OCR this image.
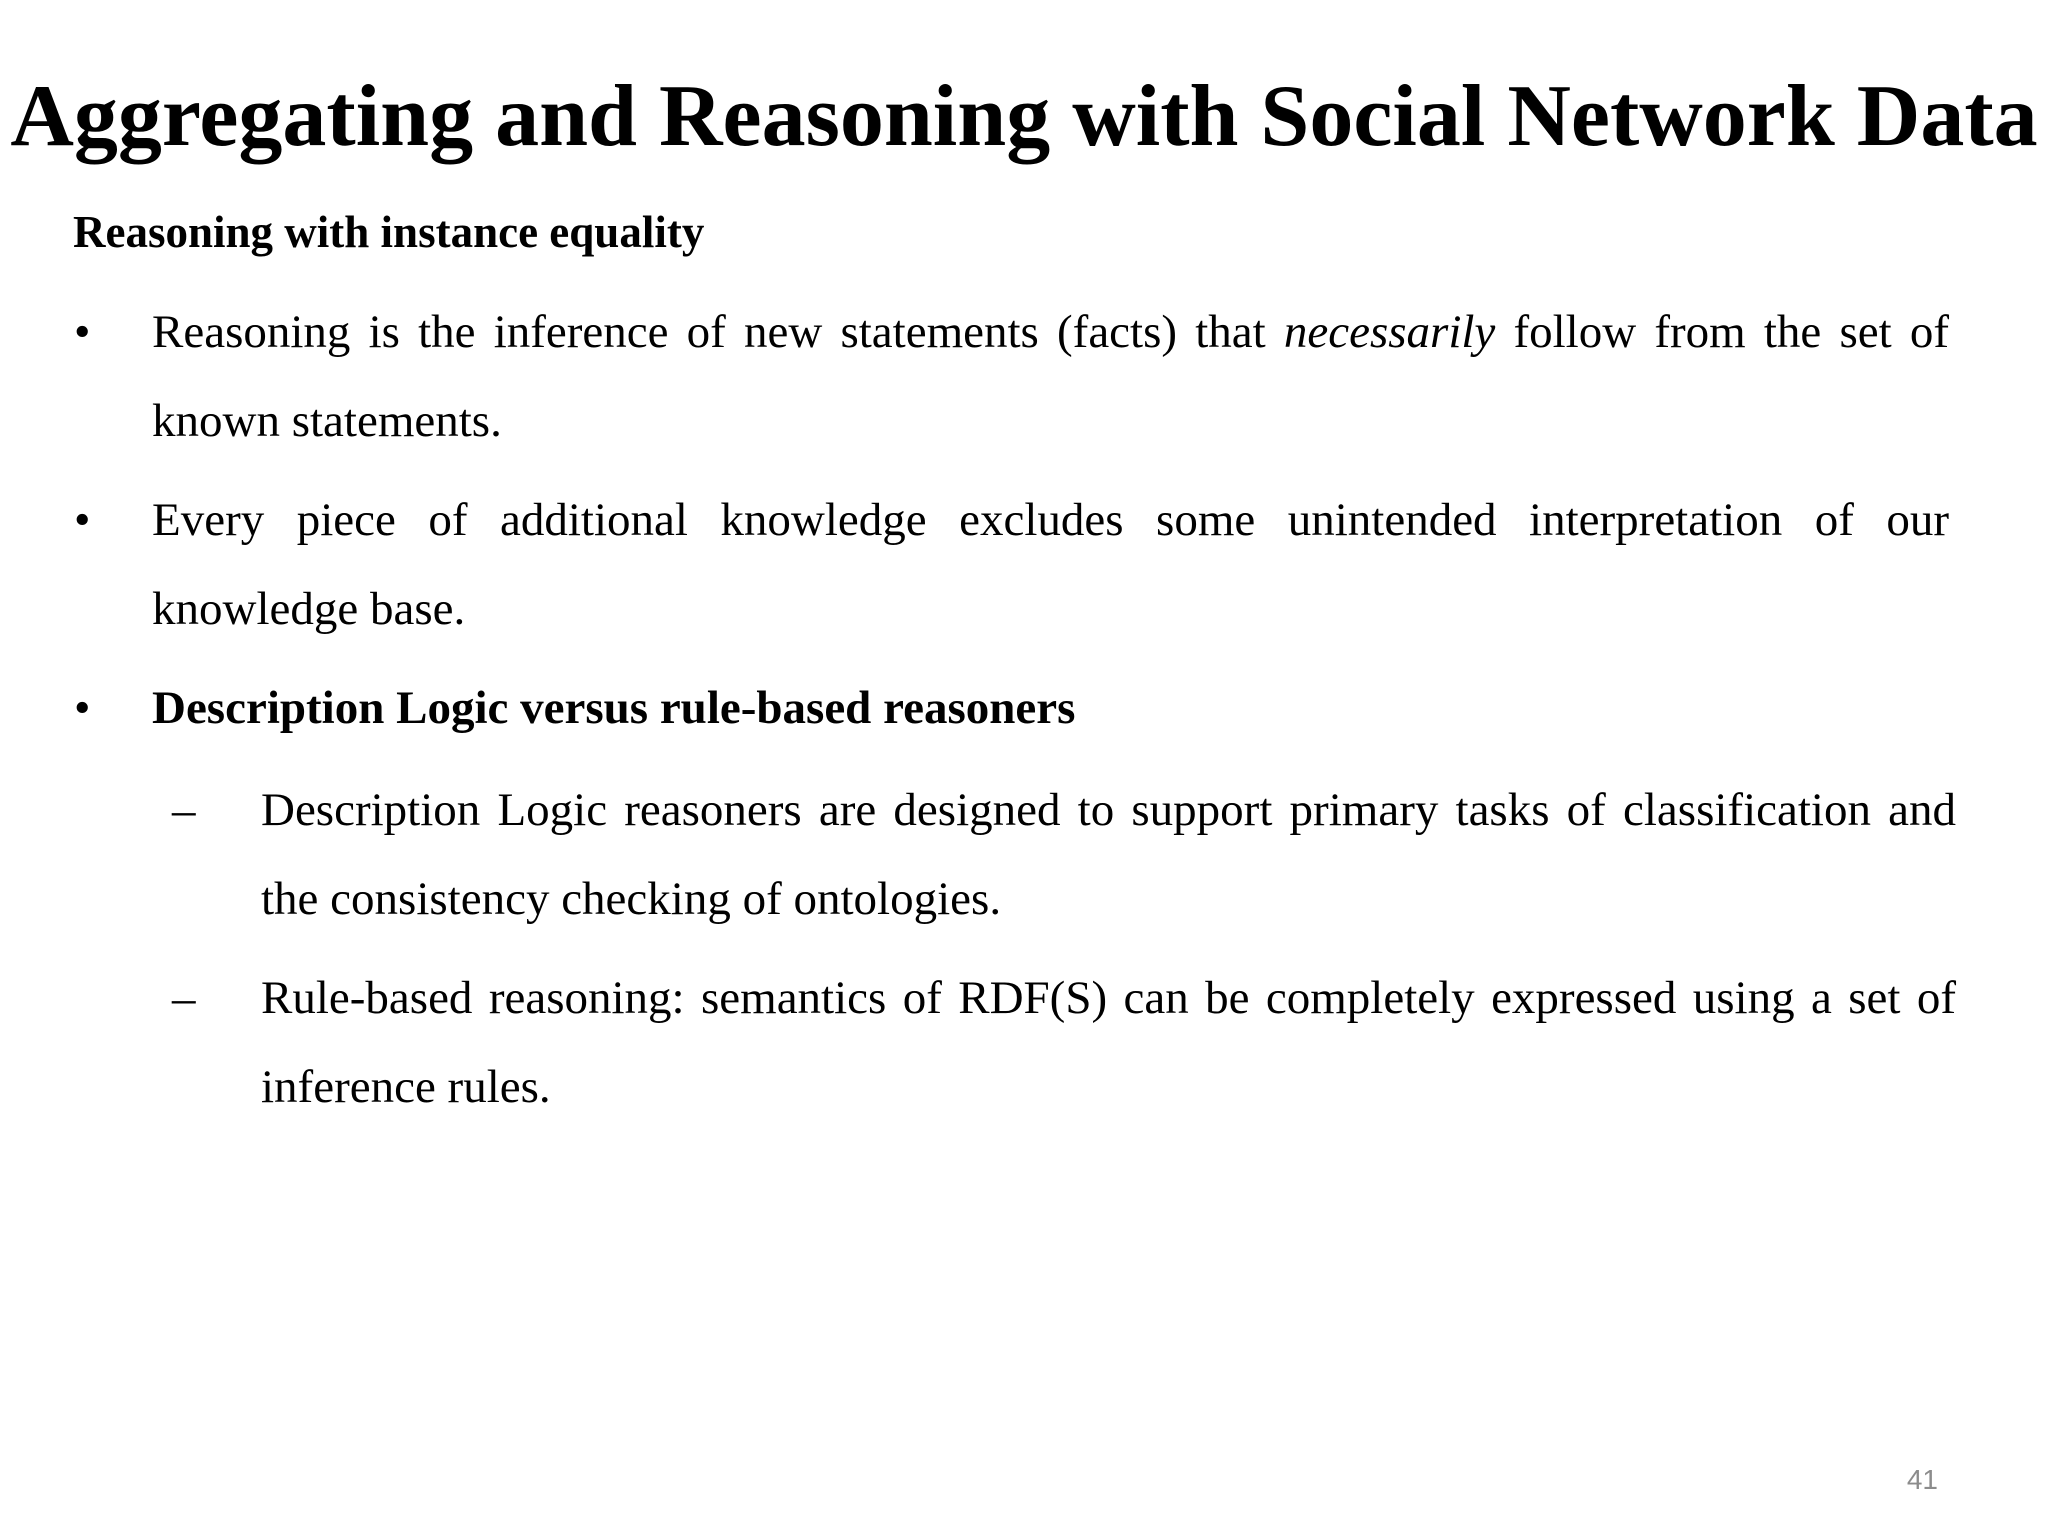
Aggregating and Reasoning with Social Network Data
Reasoning with instance equality
•	Reasoning is the inference of new statements (facts) that necessarily follow from the set of known statements.
•	Every piece of additional knowledge excludes some unintended interpretation of our knowledge base.
•	Description Logic versus rule-based reasoners
–	Description Logic reasoners are designed to support primary tasks of classification and the consistency checking of ontologies.
–	Rule-based reasoning: semantics of RDF(S) can be completely expressed using a set of inference rules.
41
